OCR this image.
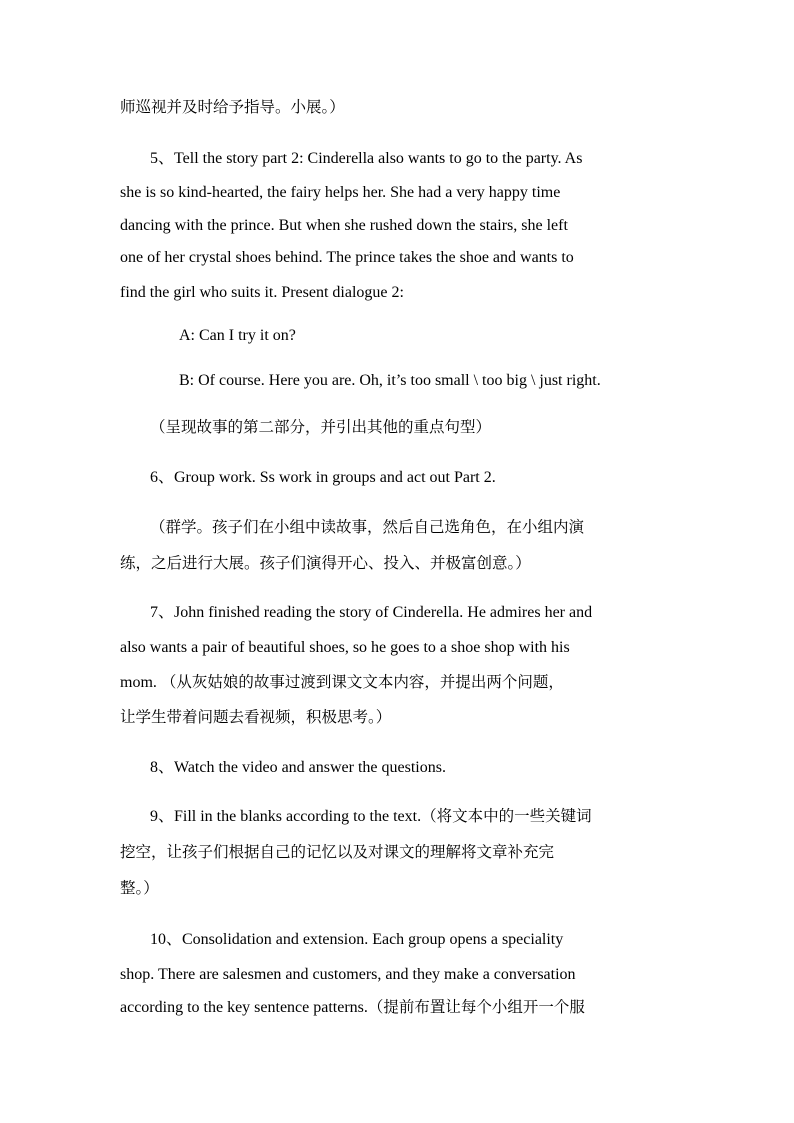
师巡视并及时给予指导。小展。）

5、Tell the story part 2: Cinderella also wants to go to the party. As

she is so kind-hearted, the fairy helps her. She had a very happy time

dancing with the prince. But when she rushed down the stairs, she left

one of her crystal shoes behind. The prince takes the shoe and wants to

find the girl who suits it. Present dialogue 2:

A: Can I try it on?

B: Of course. Here you are. Oh, it’s too small \ too big \ just right.

（呈现故事的第二部分，并引出其他的重点句型）

6、Group work. Ss work in groups and act out Part 2.

（群学。孩子们在小组中读故事，然后自己选角色，在小组内演

练，之后进行大展。孩子们演得开心、投入、并极富创意。）

7、John finished reading the story of Cinderella. He admires her and

also wants a pair of beautiful shoes, so he goes to a shoe shop with his

mom. （从灰姑娘的故事过渡到课文文本内容，并提出两个问题，

让学生带着问题去看视频，积极思考。）

8、Watch the video and answer the questions.

9、Fill in the blanks according to the text.（将文本中的一些关键词

挖空，让孩子们根据自己的记忆以及对课文的理解将文章补充完

整。）

10、Consolidation and extension. Each group opens a speciality

shop. There are salesmen and customers, and they make a conversation

according to the key sentence patterns.（提前布置让每个小组开一个服
